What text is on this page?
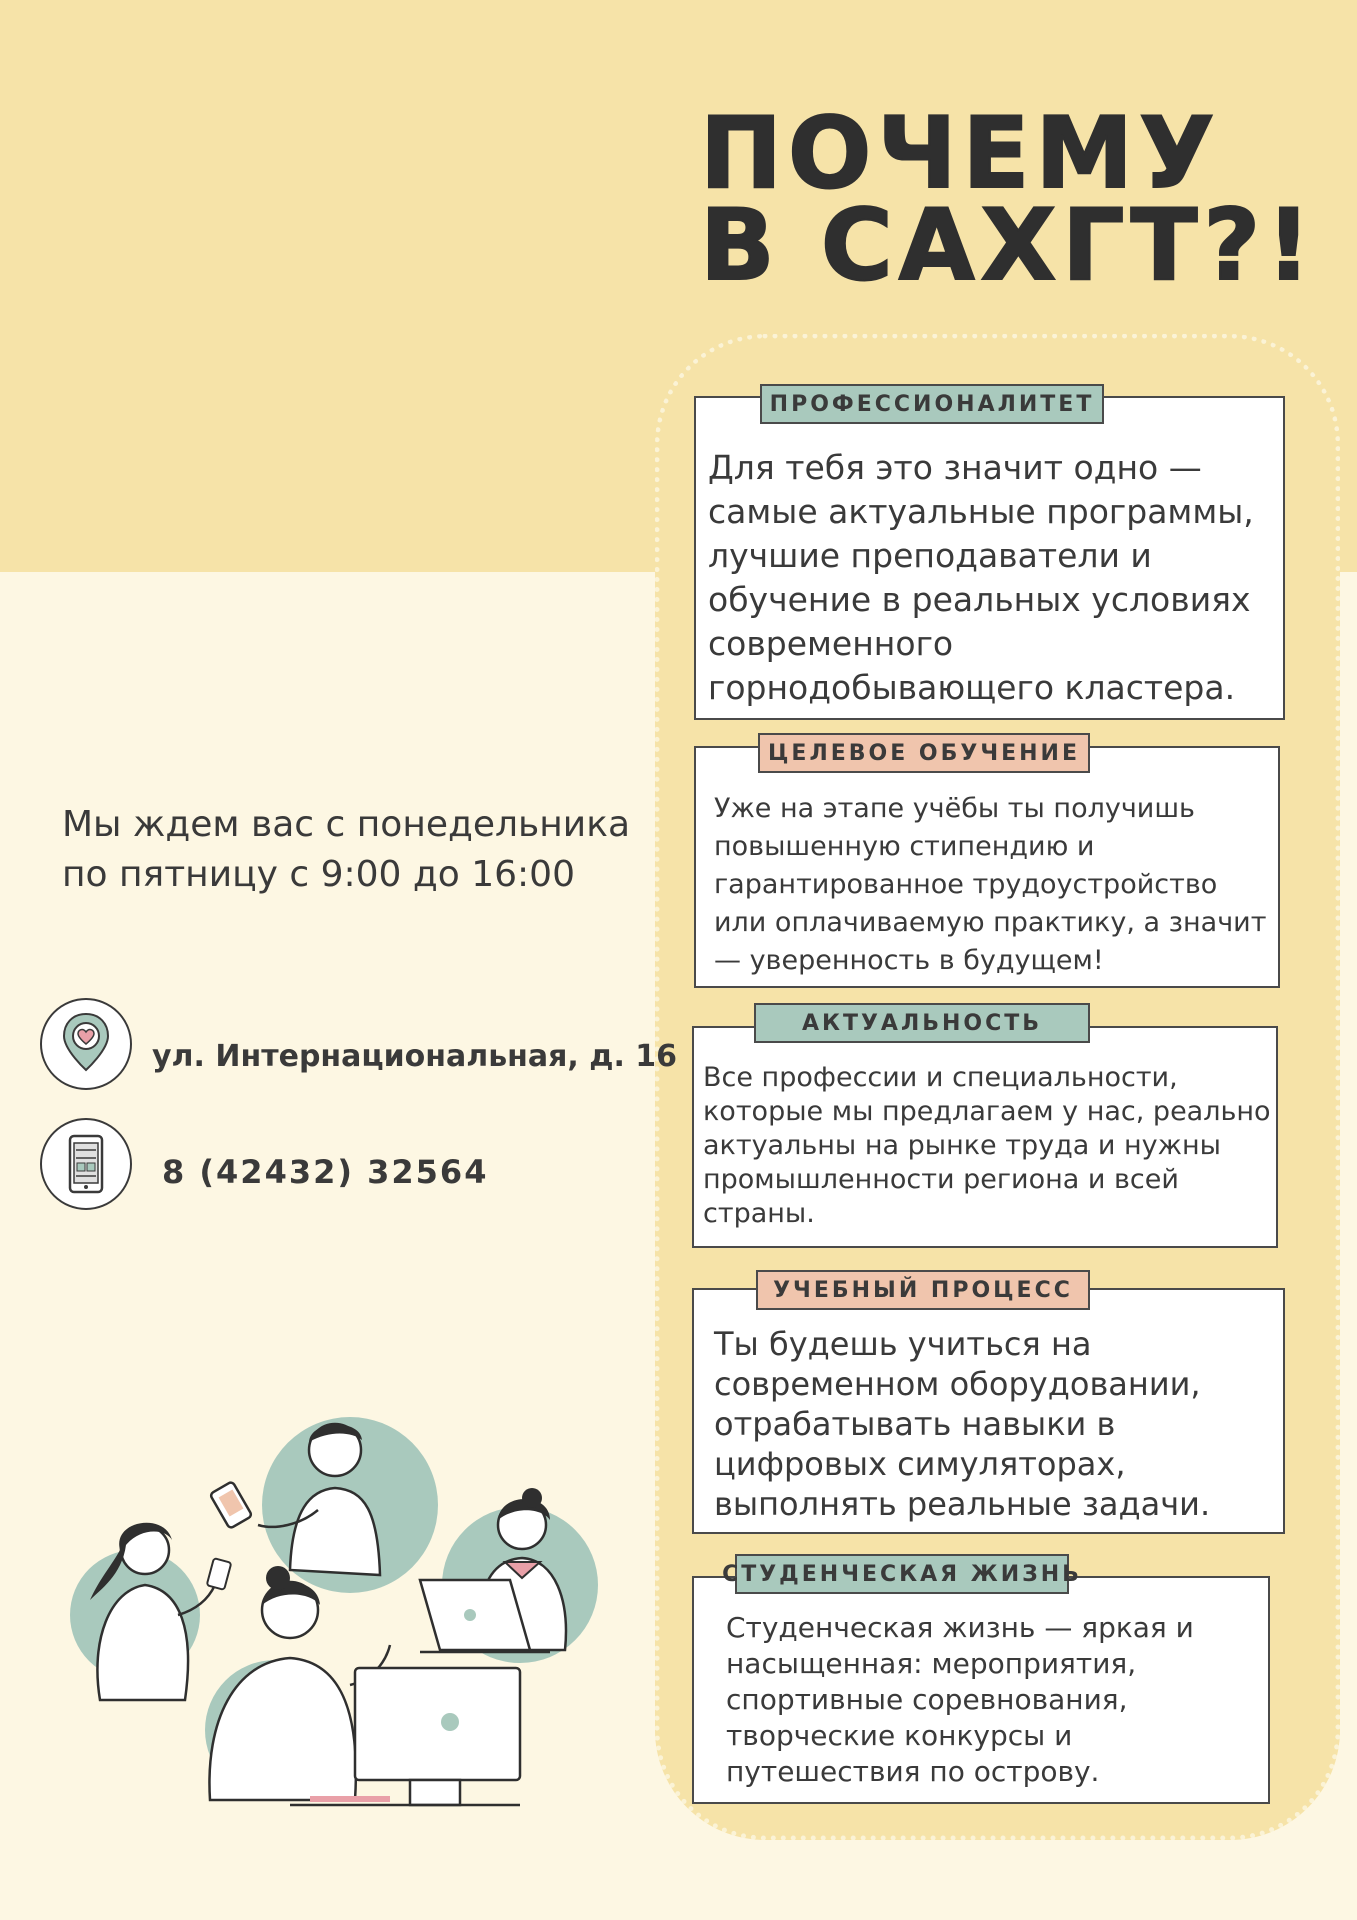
ПОЧЕМУ В САХГТ?!

Для тебя это значит одно — самые актуальные программы, лучшие преподаватели и обучение в реальных условиях современного горнодобывающего кластера.

ПРОФЕССИОНАЛИТЕТ

Уже на этапе учёбы ты получишь повышенную стипендию и гарантированное трудоустройство или оплачиваемую практику, а значит — уверенность в будущем!

ЦЕЛЕВОЕ ОБУЧЕНИЕ

Все профессии и специальности, которые мы предлагаем у нас, реально актуальны на рынке труда и нужны промышленности региона и всей страны.

АКТУАЛЬНОСТЬ

Ты будешь учиться на современном оборудовании, отрабатывать навыки в цифровых симуляторах, выполнять реальные задачи.

УЧЕБНЫЙ ПРОЦЕСС

Студенческая жизнь — яркая и насыщенная: мероприятия, спортивные соревнования, творческие конкурсы и путешествия по острову.

СТУДЕНЧЕСКАЯ ЖИЗНЬ

Мы ждем вас с понедельника по пятницу с 9:00 до 16:00

ул. Интернациональная, д. 16

8 (42432) 32564
